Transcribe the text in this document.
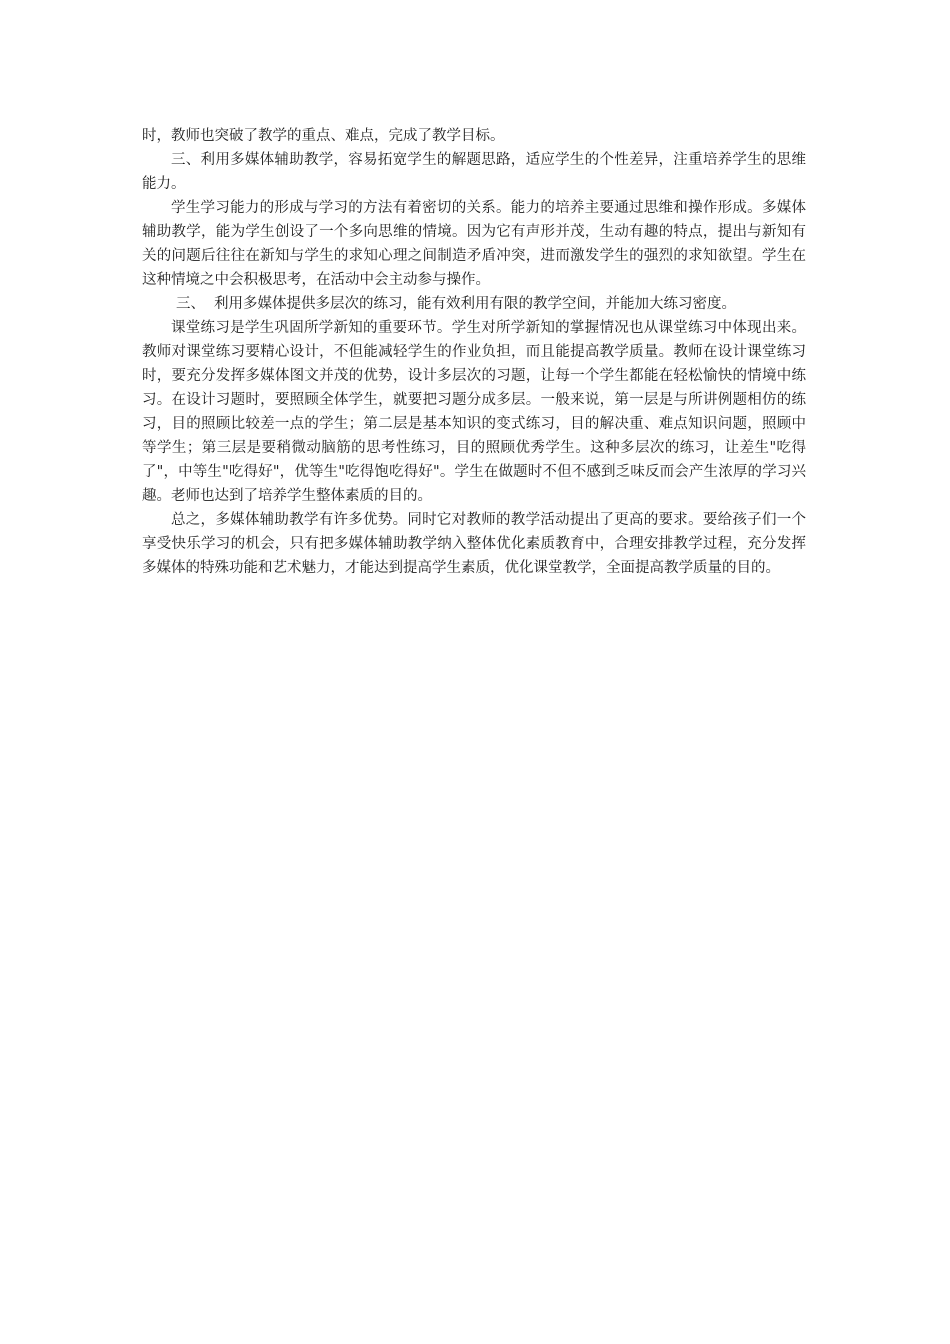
时，教师也突破了教学的重点、难点，完成了教学目标。

三、利用多媒体辅助教学，容易拓宽学生的解题思路，适应学生的个性差异，注重培养学生的思维能力。

学生学习能力的形成与学习的方法有着密切的关系。能力的培养主要通过思维和操作形成。多媒体辅助教学，能为学生创设了一个多向思维的情境。因为它有声形并茂，生动有趣的特点，提出与新知有关的问题后往往在新知与学生的求知心理之间制造矛盾冲突，进而激发学生的强烈的求知欲望。学生在这种情境之中会积极思考，在活动中会主动参与操作。

三、 利用多媒体提供多层次的练习，能有效利用有限的教学空间，并能加大练习密度。

课堂练习是学生巩固所学新知的重要环节。学生对所学新知的掌握情况也从课堂练习中体现出来。教师对课堂练习要精心设计，不但能减轻学生的作业负担，而且能提高教学质量。教师在设计课堂练习时，要充分发挥多媒体图文并茂的优势，设计多层次的习题，让每一个学生都能在轻松愉快的情境中练习。在设计习题时，要照顾全体学生，就要把习题分成多层。一般来说，第一层是与所讲例题相仿的练习，目的照顾比较差一点的学生；第二层是基本知识的变式练习，目的解决重、难点知识问题，照顾中等学生；第三层是要稍微动脑筋的思考性练习，目的照顾优秀学生。这种多层次的练习，让差生"吃得了"，中等生"吃得好"，优等生"吃得饱吃得好"。学生在做题时不但不感到乏味反而会产生浓厚的学习兴趣。老师也达到了培养学生整体素质的目的。

总之，多媒体辅助教学有许多优势。同时它对教师的教学活动提出了更高的要求。要给孩子们一个享受快乐学习的机会，只有把多媒体辅助教学纳入整体优化素质教育中，合理安排教学过程，充分发挥多媒体的特殊功能和艺术魅力，才能达到提高学生素质，优化课堂教学，全面提高教学质量的目的。
